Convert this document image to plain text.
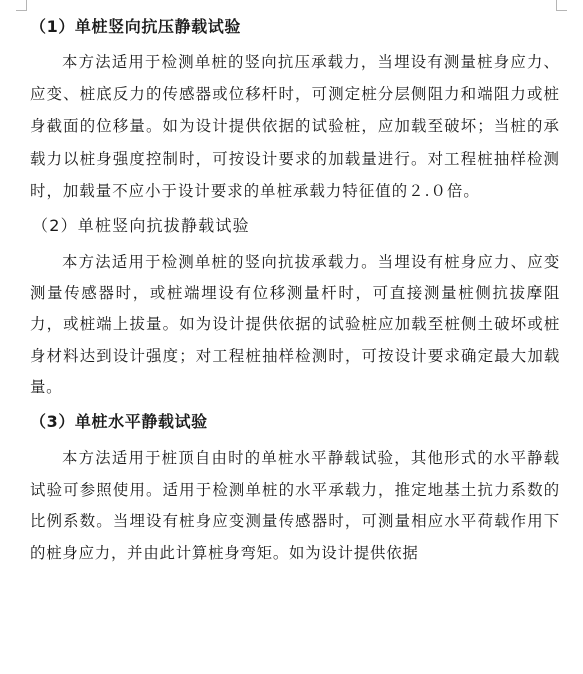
（1）单桩竖向抗压静载试验
本方法适用于检测单桩的竖向抗压承载力，当埋设有测量桩身应力、应变、桩底反力的传感器或位移杆时，可测定桩分层侧阻力和端阻力或桩身截面的位移量。如为设计提供依据的试验桩，应加载至破坏；当桩的承载力以桩身强度控制时，可按设计要求的加载量进行。对工程桩抽样检测时，加载量不应小于设计要求的单桩承载力特征值的２.０倍。
（2）单桩竖向抗拔静载试验
本方法适用于检测单桩的竖向抗拔承载力。当埋设有桩身应力、应变测量传感器时，或桩端埋设有位移测量杆时，可直接测量桩侧抗拔摩阻力，或桩端上拔量。如为设计提供依据的试验桩应加载至桩侧土破坏或桩身材料达到设计强度；对工程桩抽样检测时，可按设计要求确定最大加载量。
（3）单桩水平静载试验
本方法适用于桩顶自由时的单桩水平静载试验，其他形式的水平静载试验可参照使用。适用于检测单桩的水平承载力，推定地基土抗力系数的比例系数。当埋设有桩身应变测量传感器时，可测量相应水平荷载作用下的桩身应力，并由此计算桩身弯矩。如为设计提供依据
